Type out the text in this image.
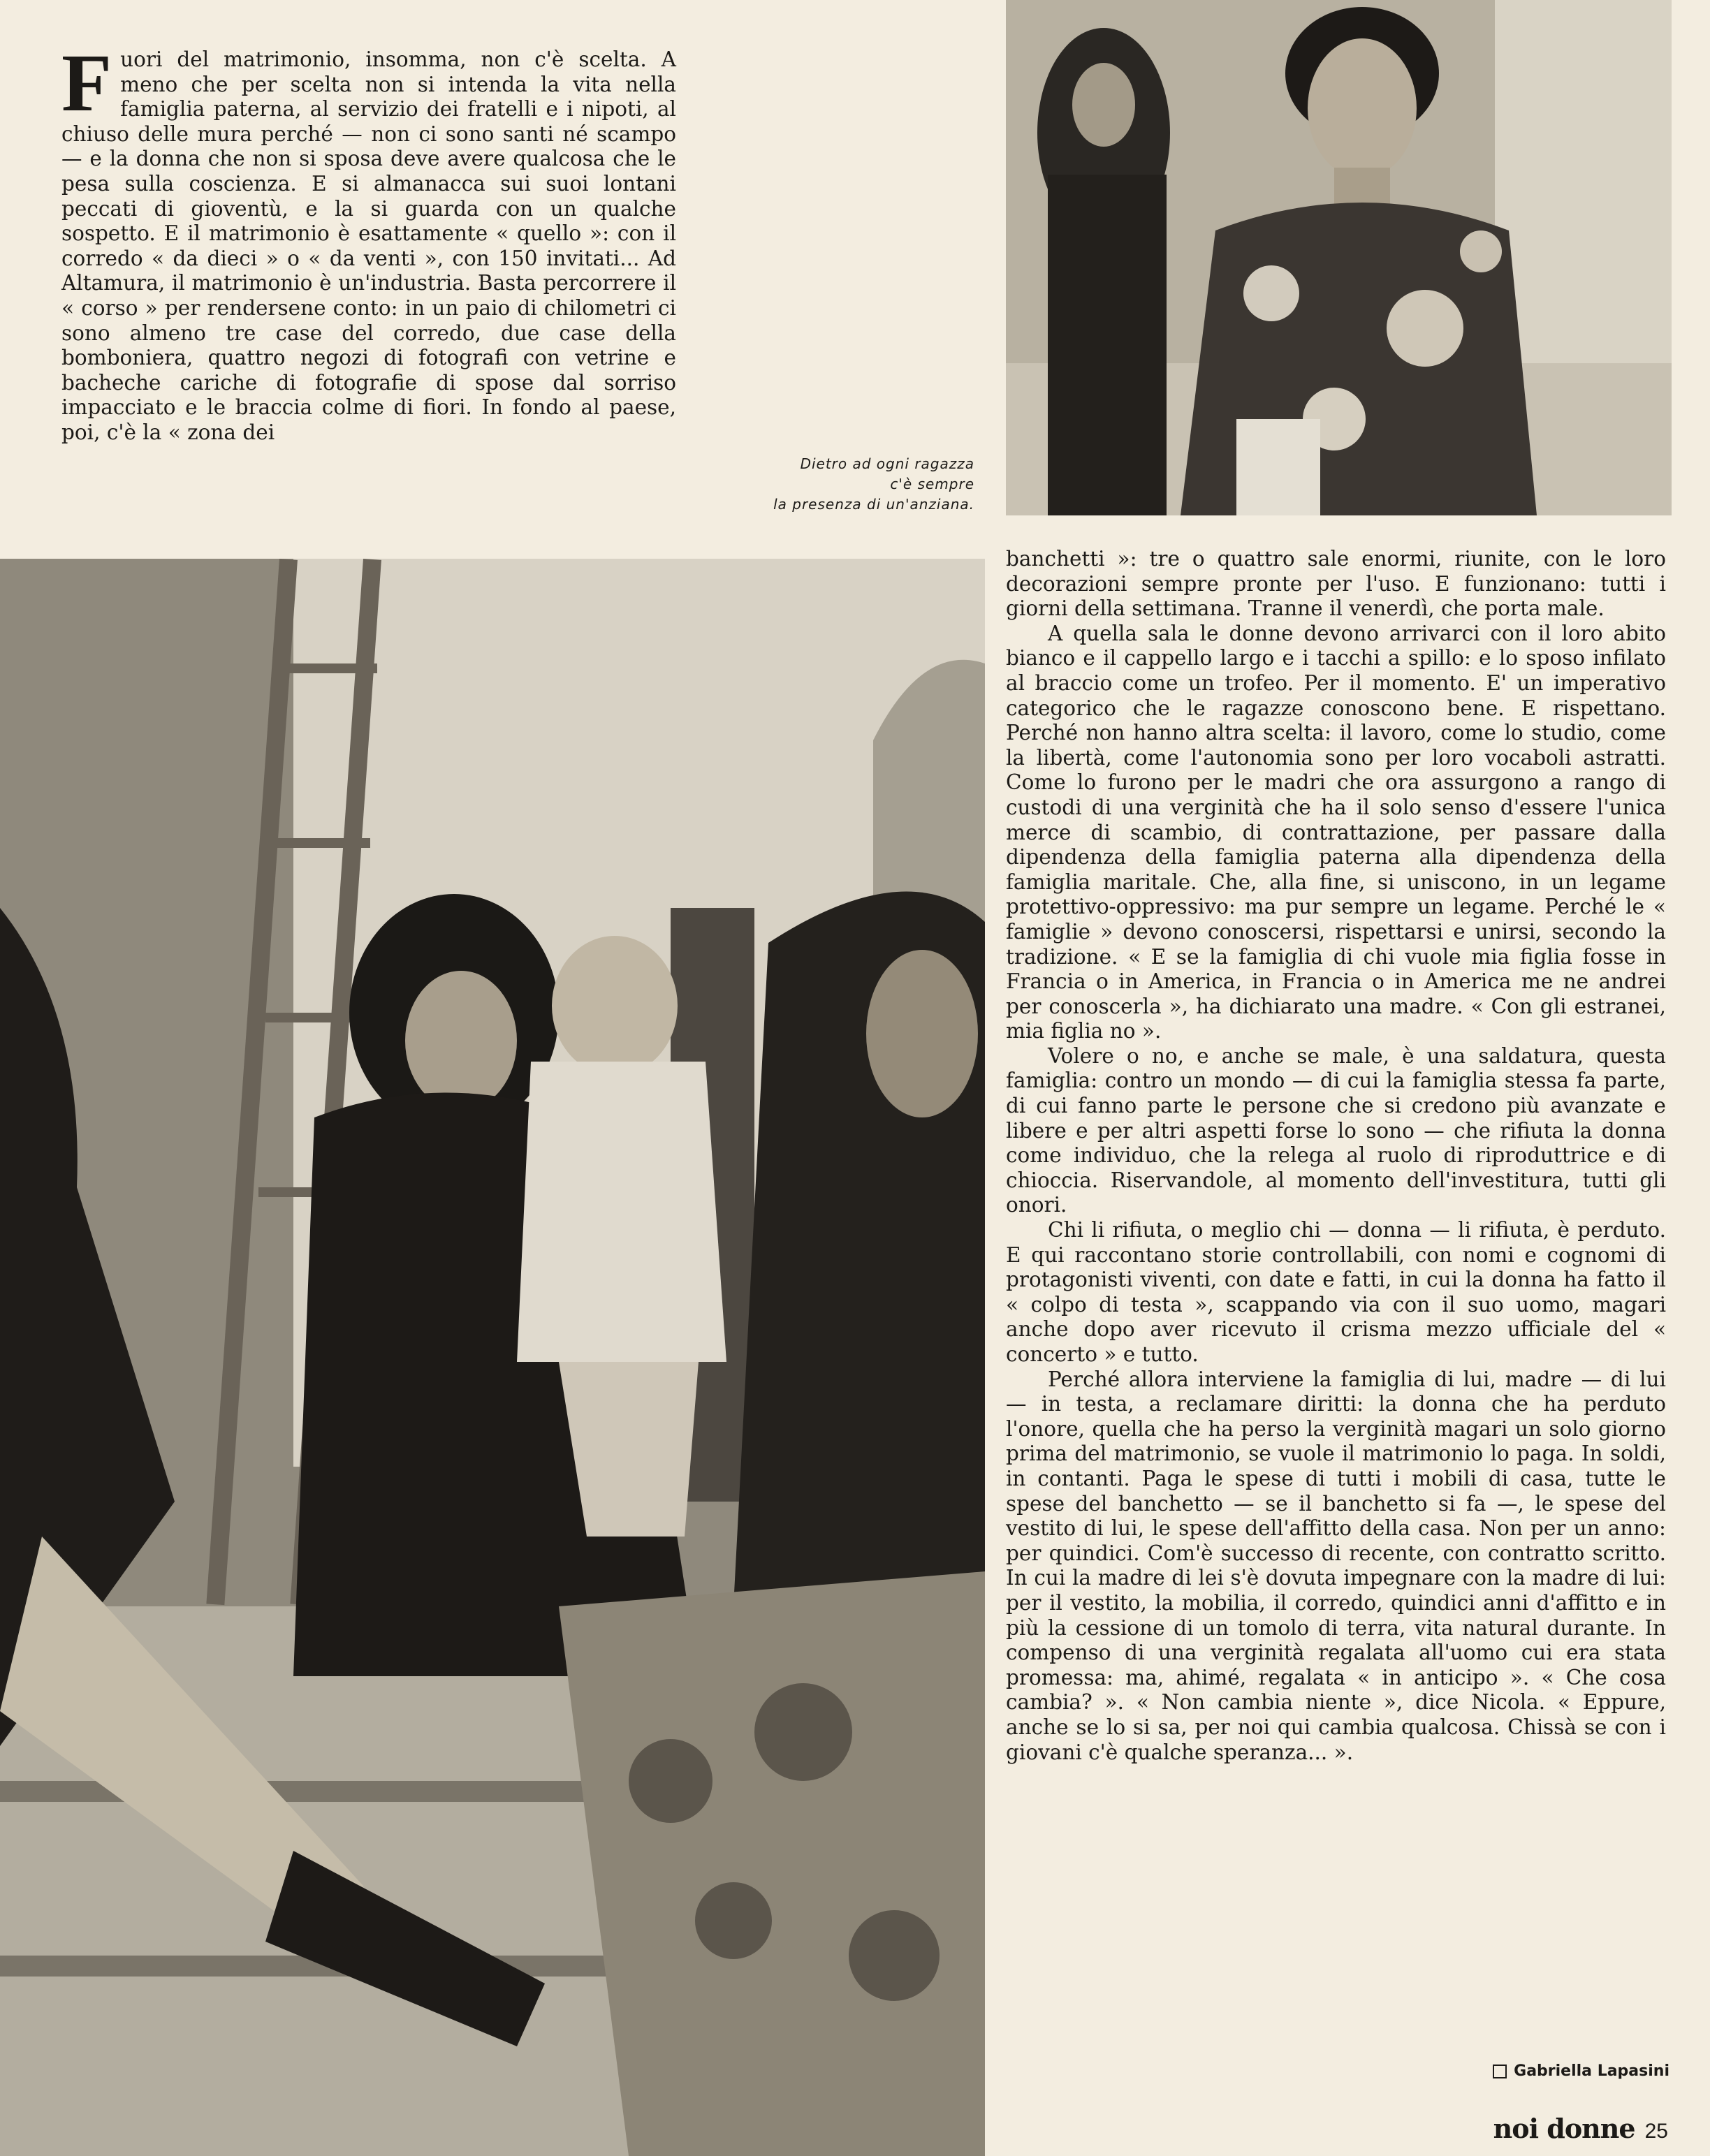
Dietro ad ogni ragazza
c'è sempre
la presenza di un'anziana.

Fuori del matrimonio, insomma, non c'è scelta. A meno che per scelta non si intenda la vita nella famiglia paterna, al servizio dei fratelli e i nipoti, al chiuso delle mura perché — non ci sono santi né scampo — e la donna che non si sposa deve avere qualcosa che le pesa sulla coscienza. E si almanacca sui suoi lontani peccati di gioventù, e la si guarda con un qualche sospetto. E il matrimonio è esattamente « quello »: con il corredo « da dieci » o « da venti », con 150 invitati... Ad Altamura, il matrimonio è un'industria. Basta percorrere il « corso » per rendersene conto: in un paio di chilometri ci sono almeno tre case del corredo, due case della bomboniera, quattro negozi di fotografi con vetrine e bacheche cariche di fotografie di spose dal sorriso impacciato e le braccia colme di fiori. In fondo al paese, poi, c'è la « zona dei

banchetti »: tre o quattro sale enormi, riunite, con le loro decorazioni sempre pronte per l'uso. E funzionano: tutti i giorni della settimana. Tranne il venerdì, che porta male.

A quella sala le donne devono arrivarci con il loro abito bianco e il cappello largo e i tacchi a spillo: e lo sposo infilato al braccio come un trofeo. Per il momento. E' un imperativo categorico che le ragazze conoscono bene. E rispettano. Perché non hanno altra scelta: il lavoro, come lo studio, come la libertà, come l'autonomia sono per loro vocaboli astratti. Come lo furono per le madri che ora assurgono a rango di custodi di una verginità che ha il solo senso d'essere l'unica merce di scambio, di contrattazione, per passare dalla dipendenza della famiglia paterna alla dipendenza della famiglia maritale. Che, alla fine, si uniscono, in un legame protettivo-oppressivo: ma pur sempre un legame. Perché le « famiglie » devono conoscersi, rispettarsi e unirsi, secondo la tradizione. « E se la famiglia di chi vuole mia figlia fosse in Francia o in America, in Francia o in America me ne andrei per conoscerla », ha dichiarato una madre. « Con gli estranei, mia figlia no ».

Volere o no, e anche se male, è una saldatura, questa famiglia: contro un mondo — di cui la famiglia stessa fa parte, di cui fanno parte le persone che si credono più avanzate e libere e per altri aspetti forse lo sono — che rifiuta la donna come individuo, che la relega al ruolo di riproduttrice e di chioccia. Riservandole, al momento dell'investitura, tutti gli onori.

Chi li rifiuta, o meglio chi — donna — li rifiuta, è perduto. E qui raccontano storie controllabili, con nomi e cognomi di protagonisti viventi, con date e fatti, in cui la donna ha fatto il « colpo di testa », scappando via con il suo uomo, magari anche dopo aver ricevuto il crisma mezzo ufficiale del « concerto » e tutto.

Perché allora interviene la famiglia di lui, madre — di lui — in testa, a reclamare diritti: la donna che ha perduto l'onore, quella che ha perso la verginità magari un solo giorno prima del matrimonio, se vuole il matrimonio lo paga. In soldi, in contanti. Paga le spese di tutti i mobili di casa, tutte le spese del banchetto — se il banchetto si fa —, le spese del vestito di lui, le spese dell'affitto della casa. Non per un anno: per quindici. Com'è successo di recente, con contratto scritto. In cui la madre di lei s'è dovuta impegnare con la madre di lui: per il vestito, la mobilia, il corredo, quindici anni d'affitto e in più la cessione di un tomolo di terra, vita natural durante. In compenso di una verginità regalata all'uomo cui era stata promessa: ma, ahimé, regalata « in anticipo ». « Che cosa cambia? ». « Non cambia niente », dice Nicola. « Eppure, anche se lo si sa, per noi qui cambia qualcosa. Chissà se con i giovani c'è qualche speranza... ».

Gabriella Lapasini
noi donne 25
